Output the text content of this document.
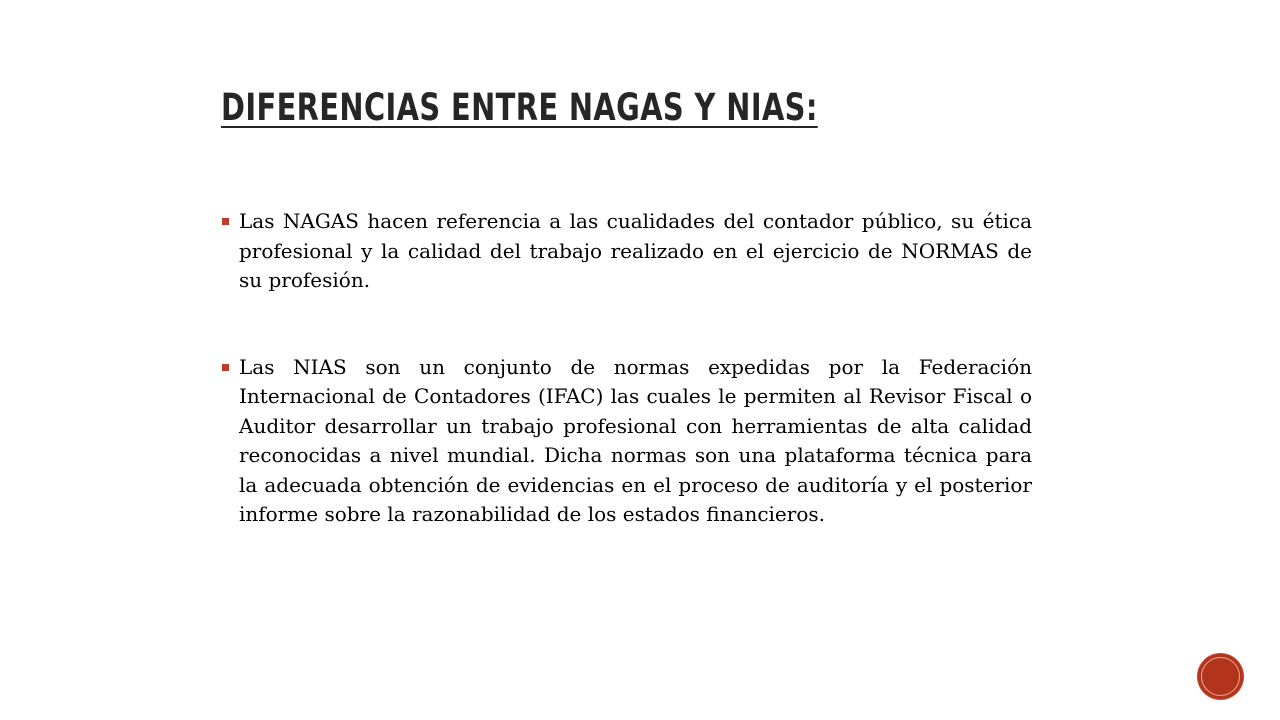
DIFERENCIAS ENTRE NAGAS Y NIAS:
Las NAGAS hacen referencia a las cualidades del contador público, su ética profesional y la calidad del trabajo realizado en el ejercicio de NORMAS de su profesión.
Las NIAS son un conjunto de normas expedidas por la Federación Internacional de Contadores (IFAC) las cuales le permiten al Revisor Fiscal o Auditor desarrollar un trabajo profesional con herramientas de alta calidad reconocidas a nivel mundial. Dicha normas son una plataforma técnica para la adecuada obtención de evidencias en el proceso de auditoría y el posterior informe sobre la razonabilidad de los estados financieros.
